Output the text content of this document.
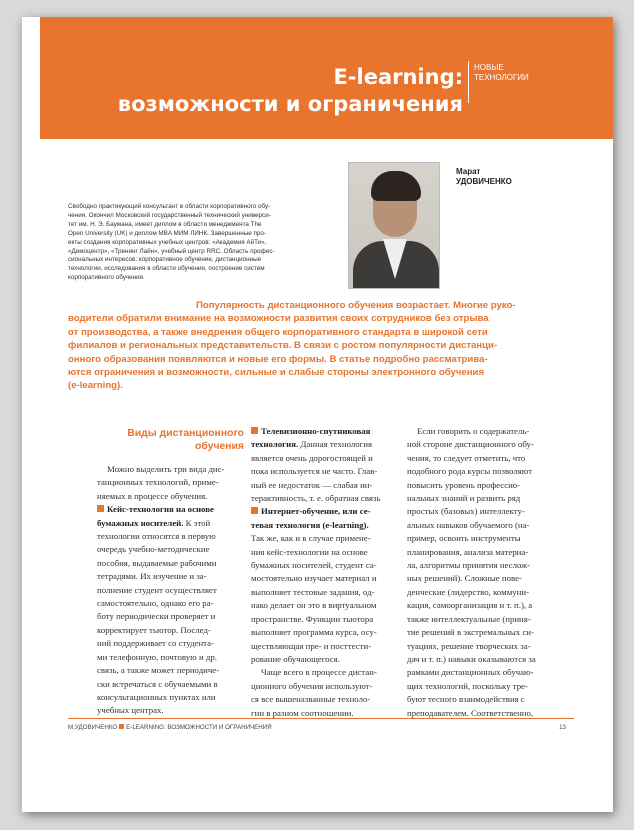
E-learning:
возможности и ограничения
НОВЫЕ
ТЕХНОЛОГИИ
Марат
УДОВИЧЕНКО
Свободно практикующий консультант в области корпоративного обу-
чения. Окончил Московский государственный технический универси-
тет им. Н. Э. Баумана, имеет диплом в области менеджмента The
Open University (UK) и диплом MBA МИМ ЛИНК. Завершенные про-
екты создания корпоративных учебных центров: «Академия АйТи»,
«Демоцентр», «Тренинг Лайн», учебный центр RRC. Область профес-
сиональных интересов: корпоративное обучение, дистанционные
технологии, исследования в области обучения, построение систем
корпоративного обучения.
Популярность дистанционного обучения возрастает. Многие руко-
водители обратили внимание на возможности развития своих сотрудников без отрыва
от производства, а также внедрения общего корпоративного стандарта в широкой сети
филиалов и региональных представительств. В связи с ростом популярности дистанци-
онного образования появляются и новые его формы. В статье подробно рассматрива-
ются ограничения и возможности, сильные и слабые стороны электронного обучения
(e-learning).
Виды дистанционного
обучения
Можно выделить три вида дис-
танционных технологий, приме-
няемых в процессе обучения.
Кейс-технология на основе
бумажных носителей. К этой
технологии относятся в первую
очередь учебно-методические
пособия, выдаваемые рабочими
тетрадями. Их изучение и за-
полнение студент осуществляет
самостоятельно, однако его ра-
боту периодически проверяет и
корректирует тьютор. Послед-
ний поддерживает со студента-
ми телефонную, почтовую и др.
связь, а также может периодиче-
ски встречаться с обучаемыми в
консультационных пунктах или
учебных центрах.
Телевизионно-спутниковая
технология. Данная технология
является очень дорогостоящей и
пока используется не часто. Глав-
ный ее недостаток — слабая ин-
терактивность, т. е. обратная связь
Интернет-обучение, или се-
тевая технология (e-learning).
Так же, как и в случае примене-
ния кейс-технологии на основе
бумажных носителей, студент са-
мостоятельно изучает материал и
выполняет тестовые задания, од-
нако делает он это в виртуальном
пространстве. Функции тьютора
выполняет программа курса, осу-
ществляющая пре- и посттести-
рование обучающегося.
Чаще всего в процессе дистан-
ционного обучения используют-
ся все вышеназванные техноло-
гии в разном соотношении.
Если говорить о содержатель-
ной стороне дистанционного обу-
чения, то следует отметить, что
подобного рода курсы позволяют
повысить уровень профессио-
нальных знаний и развить ряд
простых (базовых) интеллекту-
альных навыков обучаемого (на-
пример, освоить инструменты
планирования, анализа материа-
ла, алгоритмы принятия неслож-
ных решений). Сложные пове-
денческие (лидерство, коммуни-
кация, самоорганизация и т. п.), а
также интеллектуальные (приня-
тие решений в экстремальных си-
туациях, решение творческих за-
дач и т. п.) навыки оказываются за
рамками дистанционных обучаю-
щих технологий, поскольку тре-
буют тесного взаимодействия с
преподавателем. Соответственно,
М.УДОВИЧЕНКО E-LEARNING: ВОЗМОЖНОСТИ И ОГРАНИЧЕНИЯ	13
